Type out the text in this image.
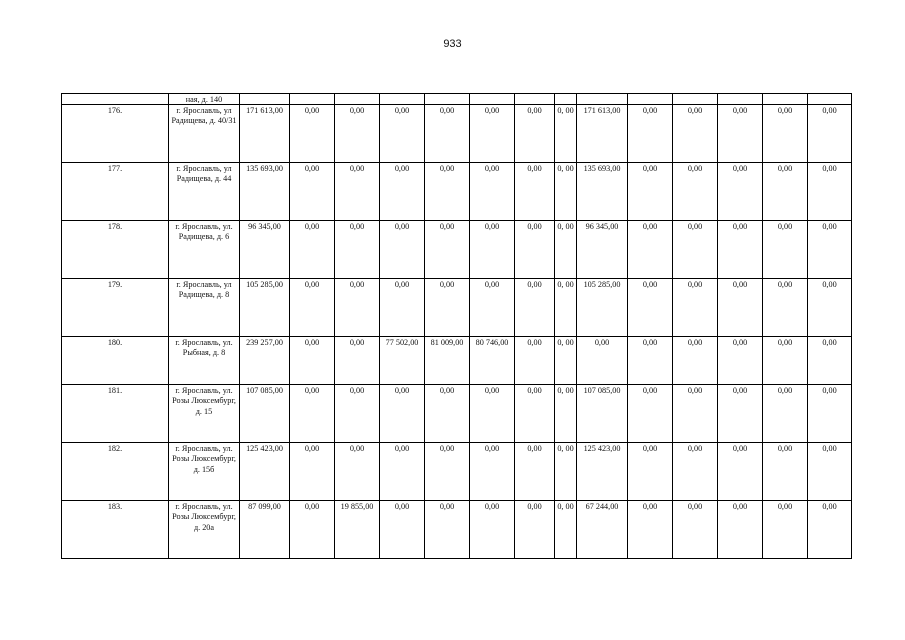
933
	ная, д. 140														
176.	г. Ярославль, ул Радищева, д. 40/31	171 613,00	0,00	0,00	0,00	0,00	0,00	0,00	0, 00	171 613,00	0,00	0,00	0,00	0,00	0,00
177.	г. Ярославль, ул Радищева, д. 44	135 693,00	0,00	0,00	0,00	0,00	0,00	0,00	0, 00	135 693,00	0,00	0,00	0,00	0,00	0,00
178.	г. Ярославль, ул. Радищева, д. 6	96 345,00	0,00	0,00	0,00	0,00	0,00	0,00	0, 00	96 345,00	0,00	0,00	0,00	0,00	0,00
179.	г. Ярославль, ул Радищева, д. 8	105 285,00	0,00	0,00	0,00	0,00	0,00	0,00	0, 00	105 285,00	0,00	0,00	0,00	0,00	0,00
180.	г. Ярославль, ул. Рыбная, д. 8	239 257,00	0,00	0,00	77 502,00	81 009,00	80 746,00	0,00	0, 00	0,00	0,00	0,00	0,00	0,00	0,00
181.	г. Ярославль, ул. Розы Люксембург, д. 15	107 085,00	0,00	0,00	0,00	0,00	0,00	0,00	0, 00	107 085,00	0,00	0,00	0,00	0,00	0,00
182.	г. Ярославль, ул. Розы Люксембург, д. 15б	125 423,00	0,00	0,00	0,00	0,00	0,00	0,00	0, 00	125 423,00	0,00	0,00	0,00	0,00	0,00
183.	г. Ярославль, ул. Розы Люксембург, д. 20а	87 099,00	0,00	19 855,00	0,00	0,00	0,00	0,00	0, 00	67 244,00	0,00	0,00	0,00	0,00	0,00
